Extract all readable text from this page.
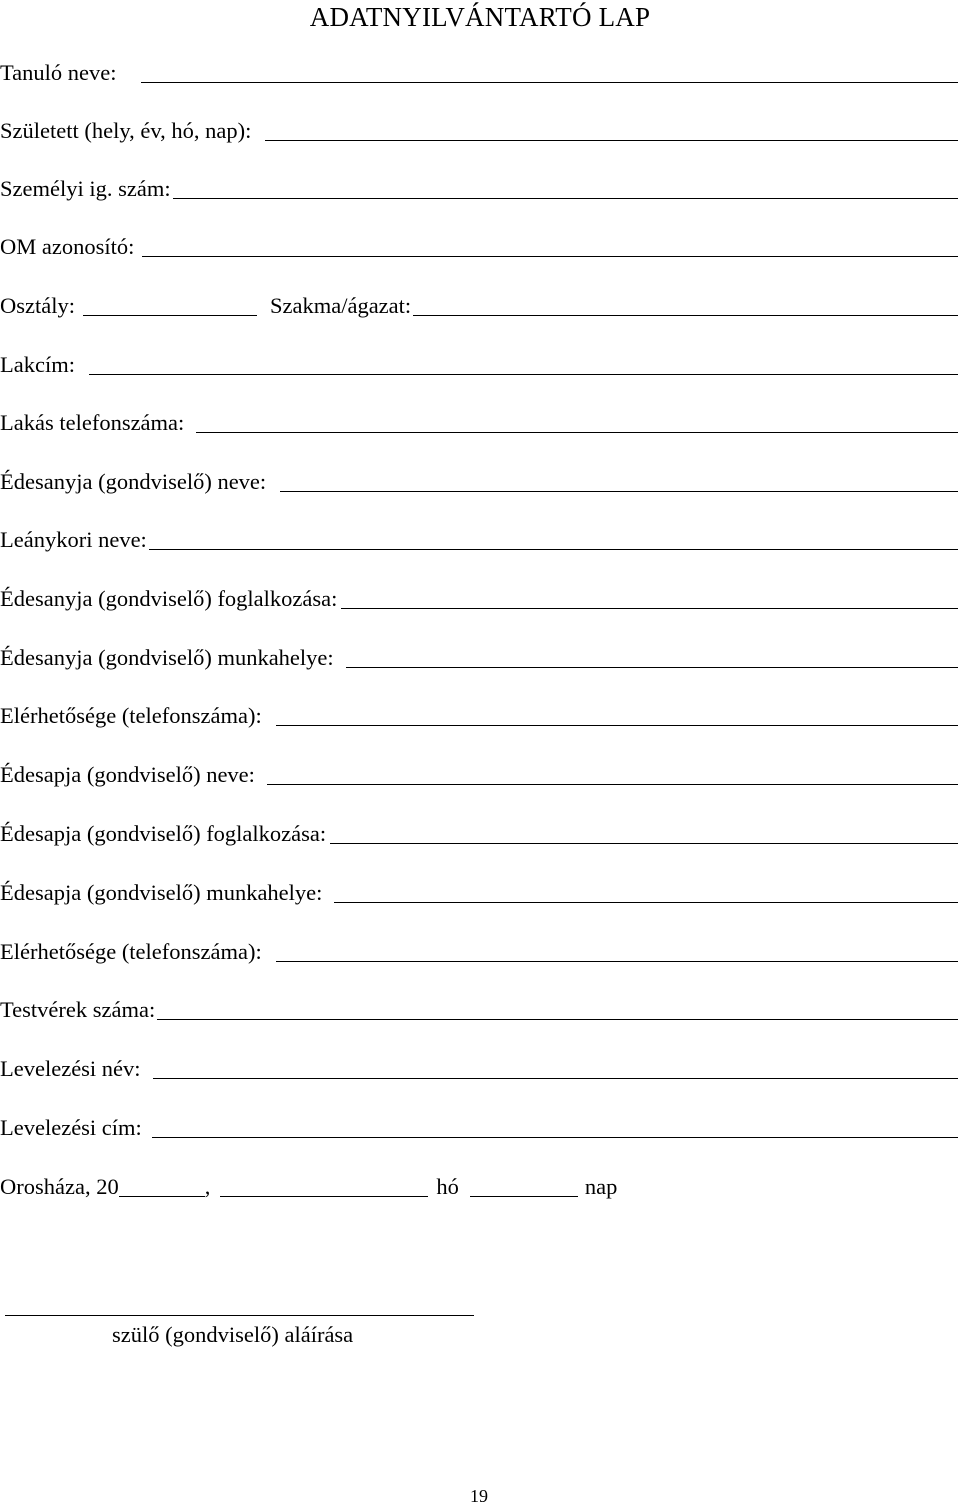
ADATNYILVÁNTARTÓ LAP
Tanuló neve:
Született (hely, év, hó, nap):
Személyi ig. szám:
OM azonosító:
Osztály:	Szakma/ágazat:
Lakcím:
Lakás telefonszáma:
Édesanyja (gondviselő) neve:
Leánykori neve:
Édesanyja (gondviselő) foglalkozása:
Édesanyja (gondviselő) munkahelye:
Elérhetősége (telefonszáma):
Édesapja (gondviselő) neve:
Édesapja (gondviselő) foglalkozása:
Édesapja (gondviselő) munkahelye:
Elérhetősége (telefonszáma):
Testvérek száma:
Levelezési név:
Levelezési cím:
Orosháza, 20	,	hó	nap
szülő (gondviselő) aláírása
19
